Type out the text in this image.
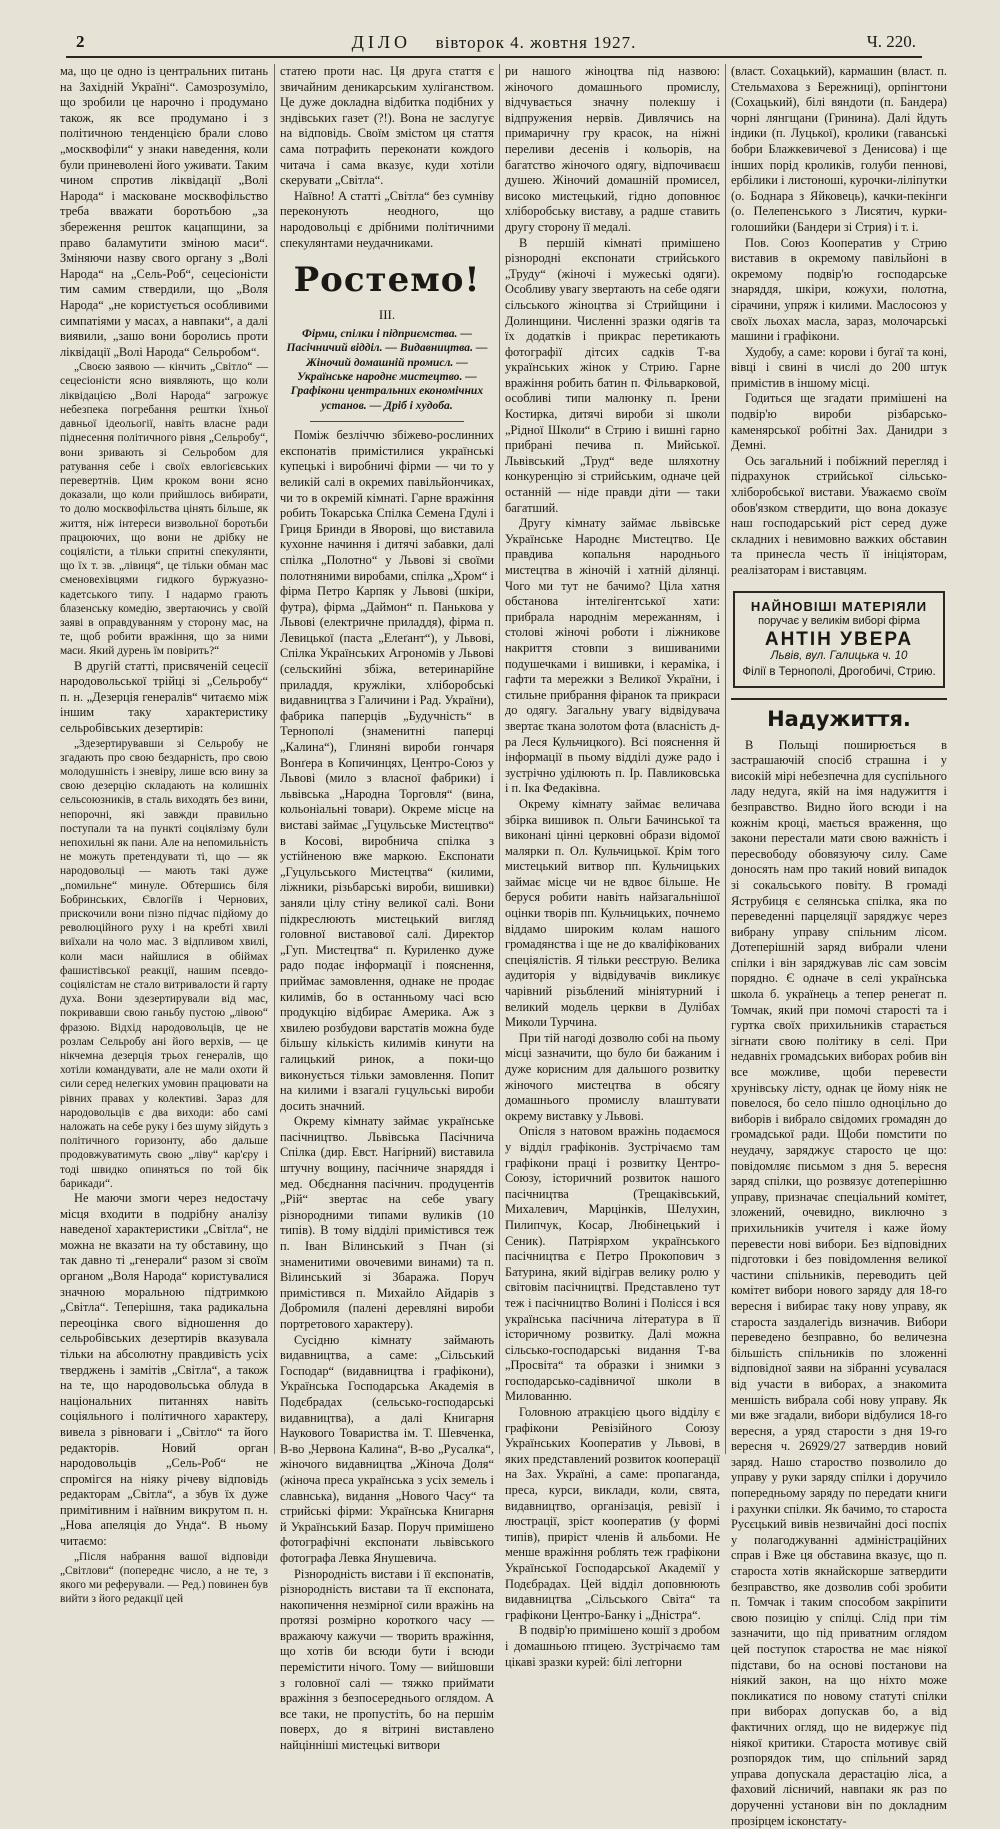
2	ДІЛО вівторок 4. жовтня 1927.	Ч. 220.

ма, що це одно із центральних питань на Західній Україні“. Самозрозуміло, що зробили це нарочно і продумано також, як все продумано і з політичною тенденцією брали слово „москвофіли“ у знаки наведення, коли були приневолені його уживати. Таким чином спротив ліквідації „Волі Народа“ і масковане москвофільство треба вважати боротьбою „за збереження решток кацапщини, за право баламутити зміною маси“. Зміняючи назву свого органу з „Волі Народа“ на „Сель-Роб“, сецесіоністи тим самим ствердили, що „Воля Народа“ „не користується особливими симпатіями у масах, а навпаки“, а далі виявили, „зашо вони боролись проти ліквідації „Волі Народа“ Сельробом“.

„Своєю заявою — кінчить „Світло“ — сецесіоністи ясно виявляють, що коли ліквідацією „Волі Народа“ загрожує небезпека погребання рештки їхньої давньої ідеольогії, навіть власне ради піднесення політичного рівня „Сельробу“, вони зривають зі Сельробом для ратування себе і своїх евлогієвських перевертнів. Цим кроком вони ясно доказали, що коли прийшлось вибирати, то долю москвофільства цінять більше, як життя, ніж інтереси визвольної боротьби працюючих, що вони не дрібку не соціялісти, а тільки спритні спекулянти, що їх т. зв. „лівиця“, це тільки обман мас сменовехівцями гидкого буржуазно-кадетського типу. І надармо грають блазенську комедію, звертаючись у своїй заяві в оправдуванням у сторону мас, на те, щоб робити вражіння, що за ними маси. Який дурень їм повірить?“

В другій статті, присвяченій сецесії народовольської трійці зі „Сельробу“ п. н. „Дезерція генералів“ читаємо між іншим таку характеристику сельробівських дезертирів:

„Здезертирувавши зі Сельробу не згадають про свою бездарність, про свою молодушність і зневіру, лише всю вину за свою дезерцію складають на колишніх сельсоюзників, в сталь виходять без вини, непорочні, які завжди правильно поступали та на пункті соціялізму були непохильні як пани. Але на непомильність не можуть претендувати ті, що — як народовольці — мають такі дуже „помильне“ минуле. Обтершись біля Бобринських, Євлогіїв і Чернових, прискочили вони пізно підчас підйому до революційного руху і на кребті хвилі виїхали на чоло мас. З відпливом хвилі, коли маси найшлися в обіймах фашистівської реакції, нашим псевдо-соціялістам не стало витривалости й гарту духа. Вони здезертирували від мас, покривавши свою ганьбу пустою „лівою“ фразою. Відхід народовольців, це не розлам Сельробу ані його верхів, — це нікчемна дезерція трьох генералів, що хотіли командувати, але не мали охоти й сили серед нелегких умовин працювати на рівних правах у колективі. Зараз для народовольців є два виходи: або самі наложать на себе руку і без шуму зійдуть з політичного горизонту, або дальше продовжуватимуть свою „ліву“ кар'єру і тоді швидко опиняться по той бік барикади“.

Не маючи змоги через недостачу місця входити в подрібну аналізу наведеної характеристики „Світла“, не можна не вказати на ту обставину, що так давно ті „генерали“ разом зі своїм органом „Воля Народа“ користувалися значною моральною підтримкою „Світла“. Теперішня, така радикальна переоцінка свого відношення до сельробівських дезертирів вказувала тільки на абсолютну правдивість усіх тверджень і замітів „Світла“, а також на те, що народовольська облуда в національних питаннях навіть соціяльного і політичного характеру, вивела з рівноваги і „Світло“ та його редакторів. Новий орган народовольців „Сель-Роб“ не спромігся на ніяку річеву відповідь редакторам „Світла“, а збув їх дуже примітивним і наївним викрутом п. н. „Нова апеляція до Унда“. В ньому читаємо:

„Після набрання вашої відповіди „Світлови“ (попереднє число, а не те, з якого ми реферували. — Ред.) повинен був вийти з його редакції цей

статею проти нас. Ця друга стаття є звичайним деникарським хуліганством. Це дуже докладна відбитка подібних у зндівських газет (?!). Вона не заслугує на відповідь. Своїм змістом ця стаття сама потрафить переконати кождого читача і сама вказує, куди хотіли скерувати „Світла“.

Наївно! А статті „Світла“ без сумніву переконують неодного, що народовольці є дрібними політичними спекулянтами неудачниками.

Ростемо!
III.
Фірми, спілки і підприємства. — Пасічничий відділ. — Видавництва. — Жіночий домашній промисл. — Українське народнє мистецтво. — Графікони центральних економічних установ. — Дріб і худоба.

Поміж безліччю збіжево-рослинних експонатів примістилися українські купецькі і виробничі фірми — чи то у великій салі в окремих павільйончиках, чи то в окремій кімнаті. Гарне вражіння робить Токарська Спілка Семена Гдулі і Гриця Бринди в Яворові, що виставила кухонне начиння і дитячі забавки, далі спілка „Полотно“ у Львові зі своїми полотняними виробами, спілка „Хром“ і фірма Петро Карпяк у Львові (шкіри, футра), фірма „Даймон“ п. Панькова у Львові (електричне приладдя), фірма п. Левицької (паста „Елеґант“), у Львові, Спілка Українських Агрономів у Львові (сельскийні збіжа, ветеринарійне приладдя, кружліки, хліборобські видавництва з Галичини і Рад. України), фабрика паперців „Будучність“ в Тернополі (знаменитні паперці „Калина“), Глиняні вироби гончаря Вонґера в Копичинцях, Центро-Союз у Львові (мило з власної фабрики) і львівська „Народна Торговля“ (вина, кольоніальні товари). Окреме місце на виставі займає „Гуцульське Мистецтво“ в Косові, виробнича спілка з устійненою вже маркою. Експонати „Гуцульського Мистецтва“ (килими, ліжники, різьбарські вироби, вишивки) заняли цілу стіну великої салі. Вони підкреслюють мистецький вигляд головної виставової салі. Директор „Гуп. Мистецтва“ п. Куриленко дуже радо подає інформації і пояснення, приймає замовлення, однаке не продає килимів, бо в останньому часі всю продукцію відбирає Америка. Аж з хвилею розбудови варстатів можна буде більшу кількість килимів кинути на галицький ринок, а поки-що виконується тільки замовлення. Попит на килими і взагалі гуцульські вироби досить значний.

Окрему кімнату займає українське пасічництво. Львівська Пасічнича Спілка (дир. Евст. Нагірний) виставила штучну вощину, пасічниче знаряддя і мед. Обєднання пасічнич. продуцентів „Рій“ звертає на себе увагу різнородними типами вуликів (10 типів). В тому відділі примістився теж п. Іван Вілинський з Пчан (зі знаменитими овочевими винами) та п. Вілинський зі Збаража. Поруч примістився п. Михайло Айдарів з Добромиля (палені деревляні вироби портретового характеру).

Сусідню кімнату займають видавництва, а саме: „Сільський Господар“ (видавництва і графікони), Українська Господарська Академія в Подєбрадах (сельсько-господарські видавництва), а далі Книгарня Наукового Товариства ім. Т. Шевченка, В-во „Червона Калина“, В-во „Русалка“, жіночого видавництва „Жіноча Доля“ (жіноча преса українська з усіх земель і славнська), видання „Нового Часу“ та стрийські фірми: Українська Книгарня й Український Базар. Поруч примішено фотографічні експонати львівського фотографа Левка Янушевича.

Різнородність вистави і її експонатів, різнородність вистави та її експоната, накопичення незмірної сили вражінь на протязі розмірно короткого часу —вражаючу кажучи — творить вражіння, що хотів би всюди бути і всюди перемістити нічого. Тому — вийшовши з головної салі — тяжко приймати вражіння з безпосереднього оглядом. А все таки, не пропустіть, бо на першім поверх, до я вітрині виставлено найцінніші мистецькі витвори

ри нашого жіноцтва під назвою: жіночого домашнього промислу, відчувається значну полекшу і відпружения нервів. Дивлячись на примаричну гру красок, на ніжні переливи десенів і кольорів, на багатство жіночого одягу, відпочиваєш душею. Жіночий домашній промисел, високо мистецький, гідно доповнює хліборобську виставу, а радше ставить другу сторону її медалі.

В першій кімнаті примішено різнородні експонати стрийського „Труду“ (жіночі і мужеські одяги). Особливу увагу звертають на себе одяги сільського жіноцтва зі Стрийщини і Долинщини. Численні зразки одягів та їх додатків і прикрас перетикають фотографії дітсих садків Т-ва українських жінок у Стрию. Гарне вражіння робить батин п. Фільварковой, особливі типи малюнку п. Ірени Костирка, дитячі вироби зі школи „Рідної Школи“ в Стрию і вишні гарно прибрані печива п. Мийської. Львівський „Труд“ веде шляхотну конкуренцію зі стрийським, одначе цей останній — ніде правди діти — таки багатший.

Другу кімнату займає львівське Українське Народнє Мистецтво. Це правдива копальня народнього мистецтва в жіночій і хатній ділянці. Чого ми тут не бачимо? Ціла хатня обстанова інтелігентської хати: прибрала народнім мережанням, і столові жіночі роботи і ліжникове накриття стовпи з вишиваними подушечками і вишивки, і кераміка, і гафти та мережки з Великої України, і стильне прибрання фіранок та прикраси до одягу. Загальну увагу відвідувача звертає ткана золотом фота (власність д-ра Леся Кульчицкого). Всі пояснення й інформації в пьому відділі дуже радо і зустрічно уділюють п. Ір. Павликовська і п. Іка Федаківна.

Окрему кімнату займає величава збірка вишивок п. Ольги Бачинської та виконані цінні церковні образи відомої малярки п. Ол. Кульчицької. Крім того мистецький витвор пп. Кульчицьких займає місце чи не вдвоє більше. Не беруся робити навіть найзагальнішої оцінки творів пп. Кульчицьких, почнемо віддамо широким колам нашого громадянства і ще не до кваліфікованих спеціялістів. Я тільки реєструю. Велика аудиторія у відвідувачів викликує чарівний різьблений мініятурний і великий модель церкви в Дулібах Миколи Турчина.

При тій нагоді дозволю собі на пьому місці зазначити, що було би бажаним і дуже корисним для дальшого розвитку жіночого мистецтва в обсягу домашнього промислу влаштувати окрему виставку у Львові.

Опісля з натовом вражінь подаємося у відділ графіконів. Зустрічаємо там графікони праці і розвитку Центро-Союзу, історичний розвиток нашого пасічництва (Трещаківський, Михалевич, Марцінків, Шелухин, Пилипчук, Косар, Любінецький і Сеник). Патріярхом українського пасічництва є Петро Прокопович з Батурина, який відіграв велику ролю у світовім пасічництві. Представлено тут теж і пасічництво Волині і Полісся і вся українська пасічнича література в її історичному розвитку. Далі можна сільсько-господарські видання Т-ва „Просвіта“ та образки і знимки з господарсько-садівничої школи в Милованню.

Головною атракцією цього відділу є графікони Ревізійного Союзу Українських Кооператив у Львові, в яких представлений розвиток кооперації на Зах. Україні, а саме: пропаганда, преса, курси, виклади, коли, свята, видавництво, організація, ревізії і люстрації, зріст кооператив (у формі типів), приріст членів й альбоми. Не менше вражіння роблять теж графікони Української Господарської Академії у Подєбрадах. Цей відділ доповнюють видавництва „Сільського Світа“ та графікони Центро-Банку і „Дністра“.

В подвір'ю примішено кошії з дробом і домашньою птицею. Зустрічаємо там цікаві зразки курей: білі леґгорни

(власт. Сохацький), кармашин (власт. п. Стельмахова з Бережниці), орпінгтони (Сохацький), білі вяндоти (п. Бандера) чорні лянгщани (Гринина). Далі йдуть індики (п. Луцької), кролики (гаванські бобри Блажкевичевої з Денисова) і ще інших порід кроликів, голуби пеннові, ербілики і листоноші, курочки-ліліпутки (о. Боднара з Яйковець), качки-пекінги (о. Пелепенського з Лисятич, курки-голошийки (Бандери зі Стрия) і т. і.

Пов. Союз Кооператив у Стрию виставив в окремому павільйоні в окремому подвір'ю господарське знаряддя, шкіри, кожухи, полотна, сірачини, упряж і килими. Маслосоюз у своїх льохах масла, зараз, молочарські машини і графікони.

Худобу, а саме: корови і бугаї та коні, вівці і свині в числі до 200 штук примістив в іншому місці.

Годиться ще згадати примішені на подвір'ю вироби різбарсько-каменярської робітні Зах. Данидри з Демні.

Ось загальний і побіжний перегляд і підрахунок стрийської сільсько-хліборобської вистави. Уважаємо своїм обов'язком ствердити, що вона доказує наш господарський ріст серед дуже складних і невимовно важких обставин та принесла честь її ініціяторам, реалізаторам і виставцям.

НАЙНОВІШІ МАТЕРІЯЛИ
поручає у великім виборі фірма
АНТІН УВЕРА
Львів, вул. Галицька ч. 10
Філії в Тернополі, Дрогобичі, Стрию.
Надужиття.

В Польщі поширюється в застрашаючій спосіб страшна і у високій мірі небезпечна для суспільного ладу недуга, якій на імя надужиття і безправство. Видно його всюди і на кожнім кроці, мається враження, що закони перестали мати свою важність і пересвободу обовязуючу силу. Саме доносять нам про такий новий випадок зі сокальського повіту. В громаді Яструбиця є селянська спілка, яка по переведенні парцеляції заряджує через вибрану управу спільним лісом. Дотеперішній заряд вибрали члени спілки і він заряджував ліс сам зовсім порядно. Є одначе в селі українська школа б. українець а тепер ренегат п. Томчак, який при помочі старості та і гуртка своїх прихильників старається зігнати свою політику в селі. При недавніх громадських виборах робив він все можливе, щоби перевести хрунівську лісту, однак це йому ніяк не повелося, бо село пішло одноцільно до виборів і вибрало свідомих громадян до громадської ради. Щоби помстити по неудачу, заряджує старосто це що: повідомляє письмом з дня 5. вересня заряд спілки, що розвязує дотеперішню управу, призначає спеціальний комітет, зложений, очевидно, виключно з прихильників учителя і каже йому перевести нові вибори. Без відповідних підготовки і без повідомлення великої частини спільників, переводить цей комітет вибори нового заряду для 18-го вересня і вибирає таку нову управу, як староста заздалегідь визначив. Вибори переведено безправно, бо величезна більшість спільників по зложенні відповідної заяви на зібранні усувалася від участи в виборах, а знакомита меншість вибрала собі нову управу. Як ми вже згадали, вибори відбулися 18-го вересня, а уряд старости з дня 19-го вересня ч. 26929/27 затвердив новий заряд. Нашо староство позволило до управу у руки заряду спілки і доручило попередньому заряду по передати книги і рахунки спілки. Як бачимо, то староста Русєцький вивів незвичайні досі поспіх у полагоджуванні адміністраційних справ і Вже ця обставина вказує, що п. староста хотів якнайскорше затвердити безправство, яке дозволив собі зробити п. Томчак і таким способом закріпити свою позицію у спілці. Слід при тім зазначити, що під приватним оглядом цей поступок староства не має ніякої підстави, бо на основі постанови на ніякий закон, на що ніхто може покликатися по новому статуті спілки при виборах допускав бо, а від фактичних огляд, що не видержує під ніякої критики. Староста мотивує свій розпорядок тим, що спільний заряд управа допускала дерастацію ліса, а фаховий лісничий, навпаки як раз по дорученні установи він по докладним прозірцем ісконстату-
